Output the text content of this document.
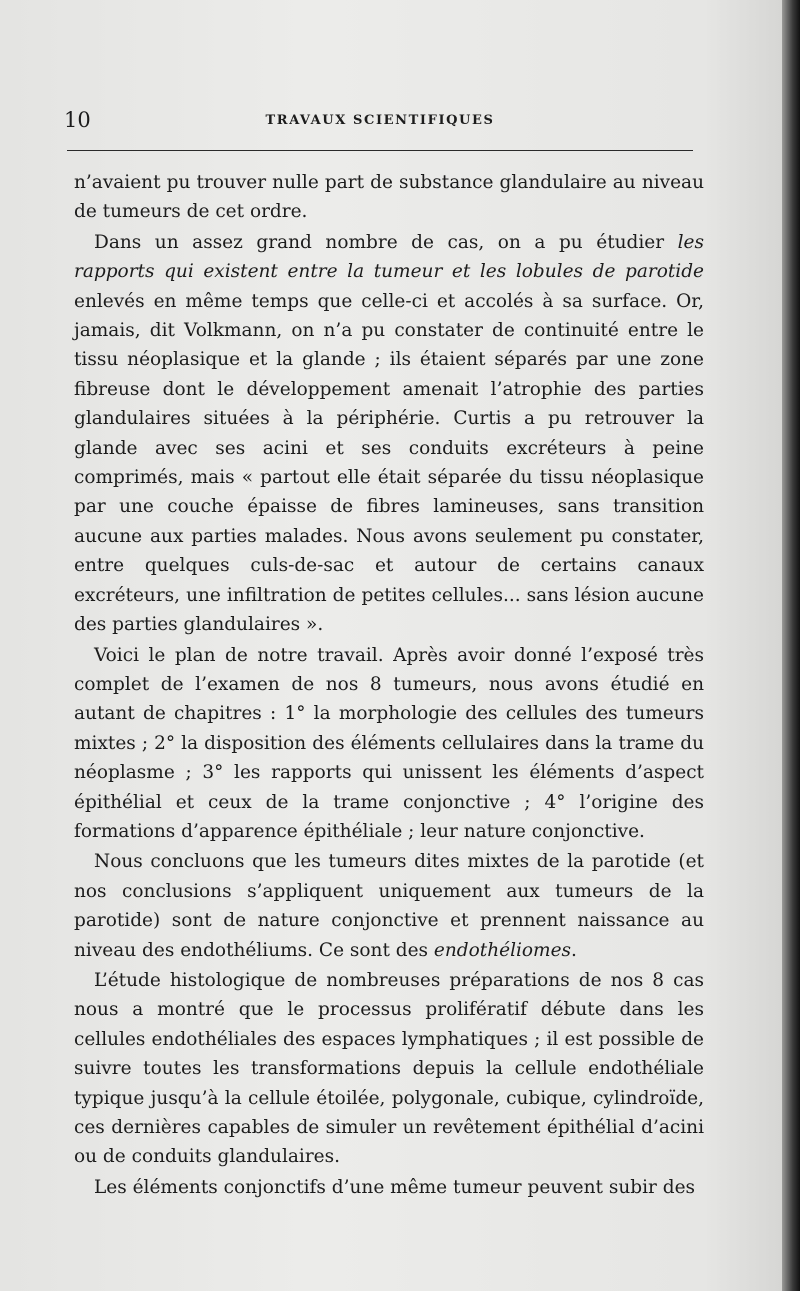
10	TRAVAUX SCIENTIFIQUES

n’avaient pu trouver nulle part de substance glandulaire au niveau de tumeurs de cet ordre.

Dans un assez grand nombre de cas, on a pu étudier les rapports qui existent entre la tumeur et les lobules de parotide enlevés en même temps que celle-ci et accolés à sa surface. Or, jamais, dit Volkmann, on n’a pu constater de continuité entre le tissu néoplasique et la glande ; ils étaient séparés par une zone fibreuse dont le développement amenait l’atrophie des parties glandulaires situées à la périphérie. Curtis a pu retrouver la glande avec ses acini et ses conduits excréteurs à peine comprimés, mais « partout elle était séparée du tissu néoplasique par une couche épaisse de fibres lamineuses, sans transition aucune aux parties malades. Nous avons seulement pu constater, entre quelques culs-de-sac et autour de certains canaux excréteurs, une infiltration de petites cellules... sans lésion aucune des parties glandulaires ».

Voici le plan de notre travail. Après avoir donné l’exposé très complet de l’examen de nos 8 tumeurs, nous avons étudié en autant de chapitres : 1° la morphologie des cellules des tumeurs mixtes ; 2° la disposition des éléments cellulaires dans la trame du néoplasme ; 3° les rapports qui unissent les éléments d’aspect épithélial et ceux de la trame conjonctive ; 4° l’origine des formations d’apparence épithéliale ; leur nature conjonctive.

Nous concluons que les tumeurs dites mixtes de la parotide (et nos conclusions s’appliquent uniquement aux tumeurs de la parotide) sont de nature conjonctive et prennent naissance au niveau des endothéliums. Ce sont des endothéliomes.

L’étude histologique de nombreuses préparations de nos 8 cas nous a montré que le processus prolifératif débute dans les cellules endothéliales des espaces lymphatiques ; il est possible de suivre toutes les transformations depuis la cellule endothéliale typique jusqu’à la cellule étoilée, polygonale, cubique, cylindroïde, ces dernières capables de simuler un revêtement épithélial d’acini ou de conduits glandulaires.

Les éléments conjonctifs d’une même tumeur peuvent subir des
